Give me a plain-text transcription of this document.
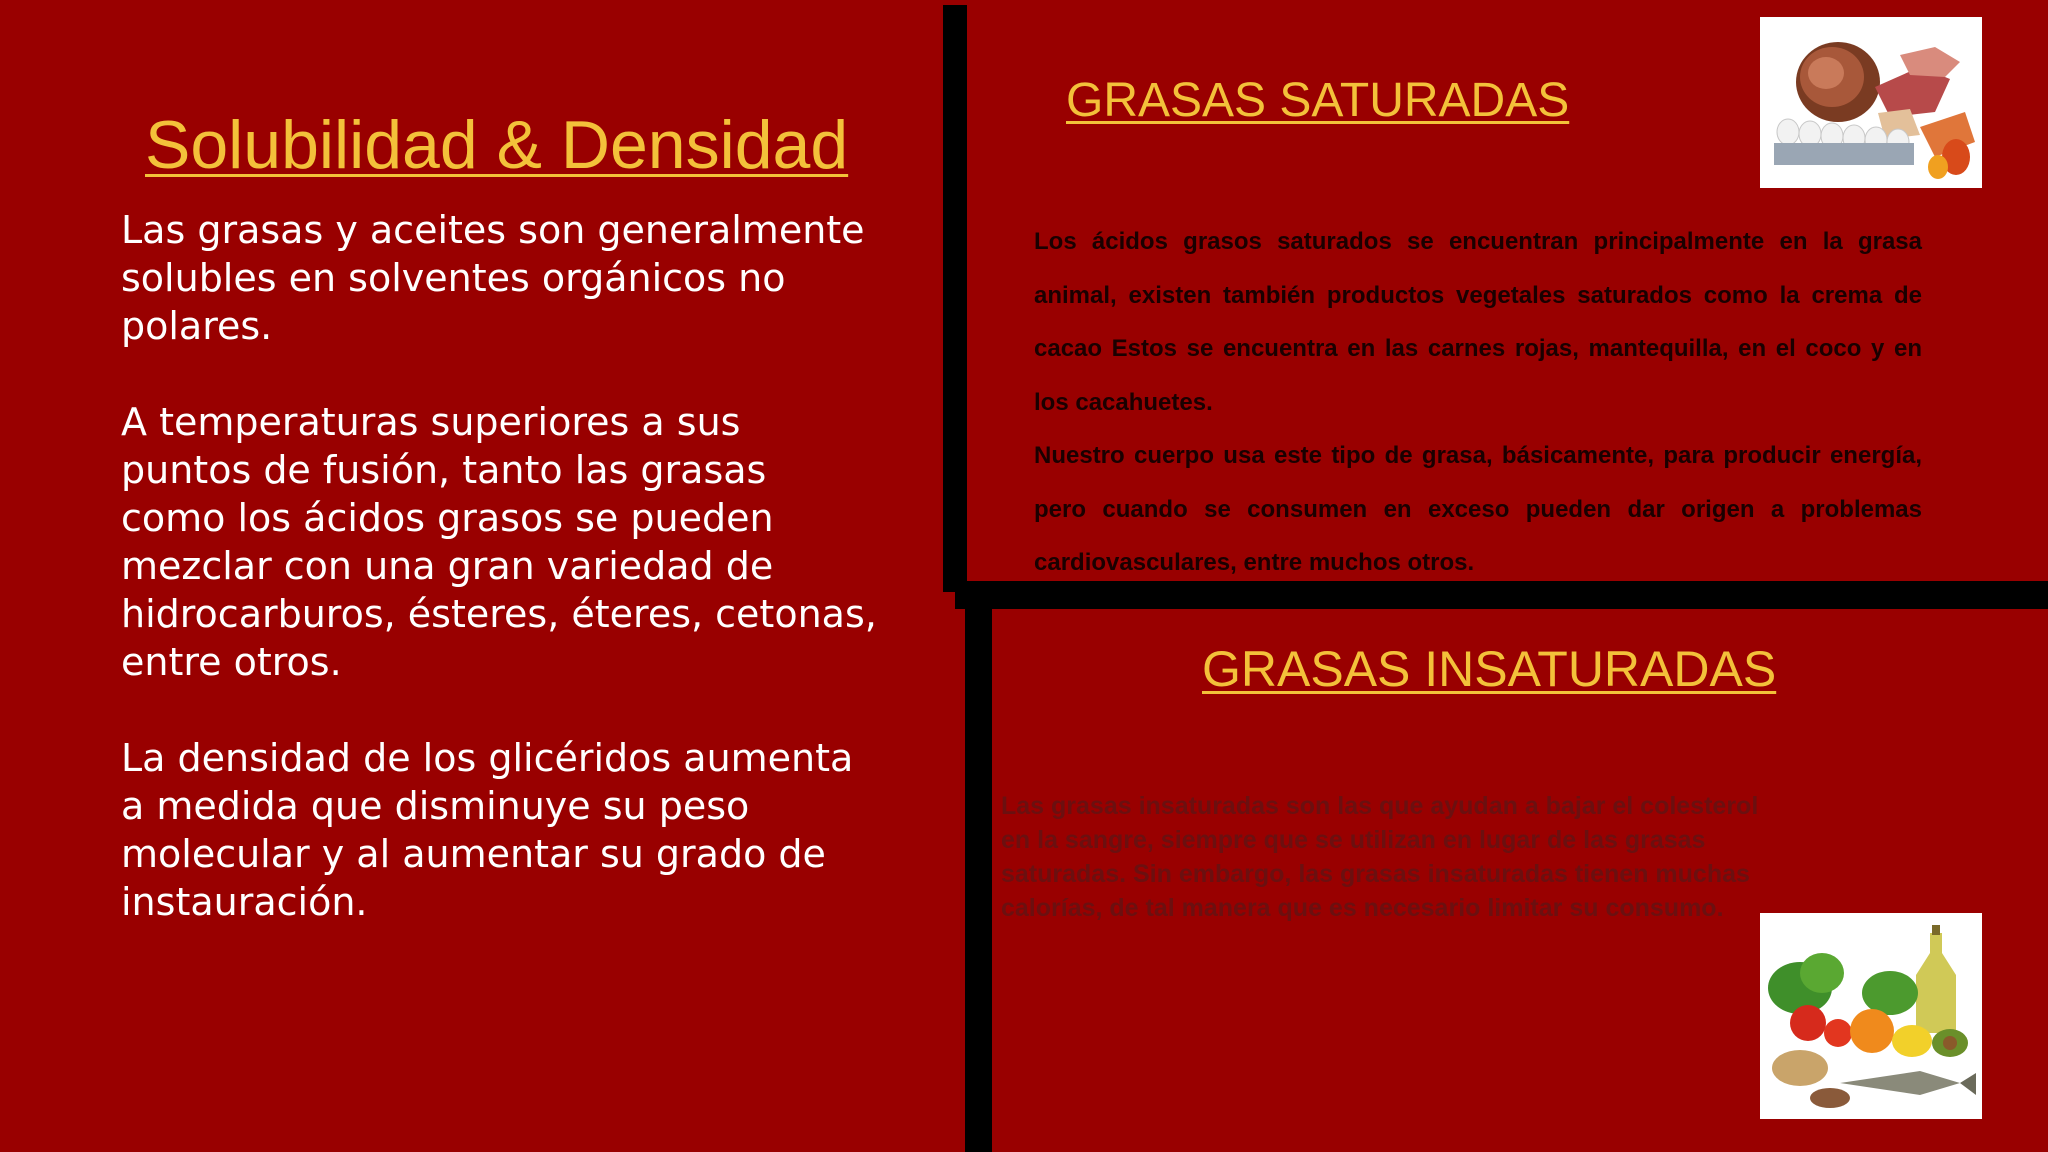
Solubilidad & Densidad

Las grasas y aceites son generalmente solubles en solventes orgánicos no polares.

A temperaturas superiores a sus puntos de fusión, tanto las grasas como los ácidos grasos se pueden mezclar con una gran variedad de hidrocarburos, ésteres, éteres, cetonas, entre otros.

La densidad de los glicéridos aumenta a medida que disminuye su peso molecular y al aumentar su grado de instauración.

GRASAS SATURADAS

Los ácidos grasos saturados se encuentran principalmente en la grasa animal, existen también productos vegetales saturados como la crema de cacao Estos se encuentra en las carnes rojas, mantequilla, en el coco y en los cacahuetes.

Nuestro cuerpo usa este tipo de grasa, básicamente, para producir energía, pero cuando se consumen en exceso pueden dar origen a problemas cardiovasculares, entre muchos otros.

GRASAS INSATURADAS
Las grasas insaturadas son las que ayudan a bajar el colesterol en la sangre, siempre que se utilizan en lugar de las grasas saturadas. Sin embargo, las grasas insaturadas tienen muchas calorías, de tal manera que es necesario limitar su consumo.
